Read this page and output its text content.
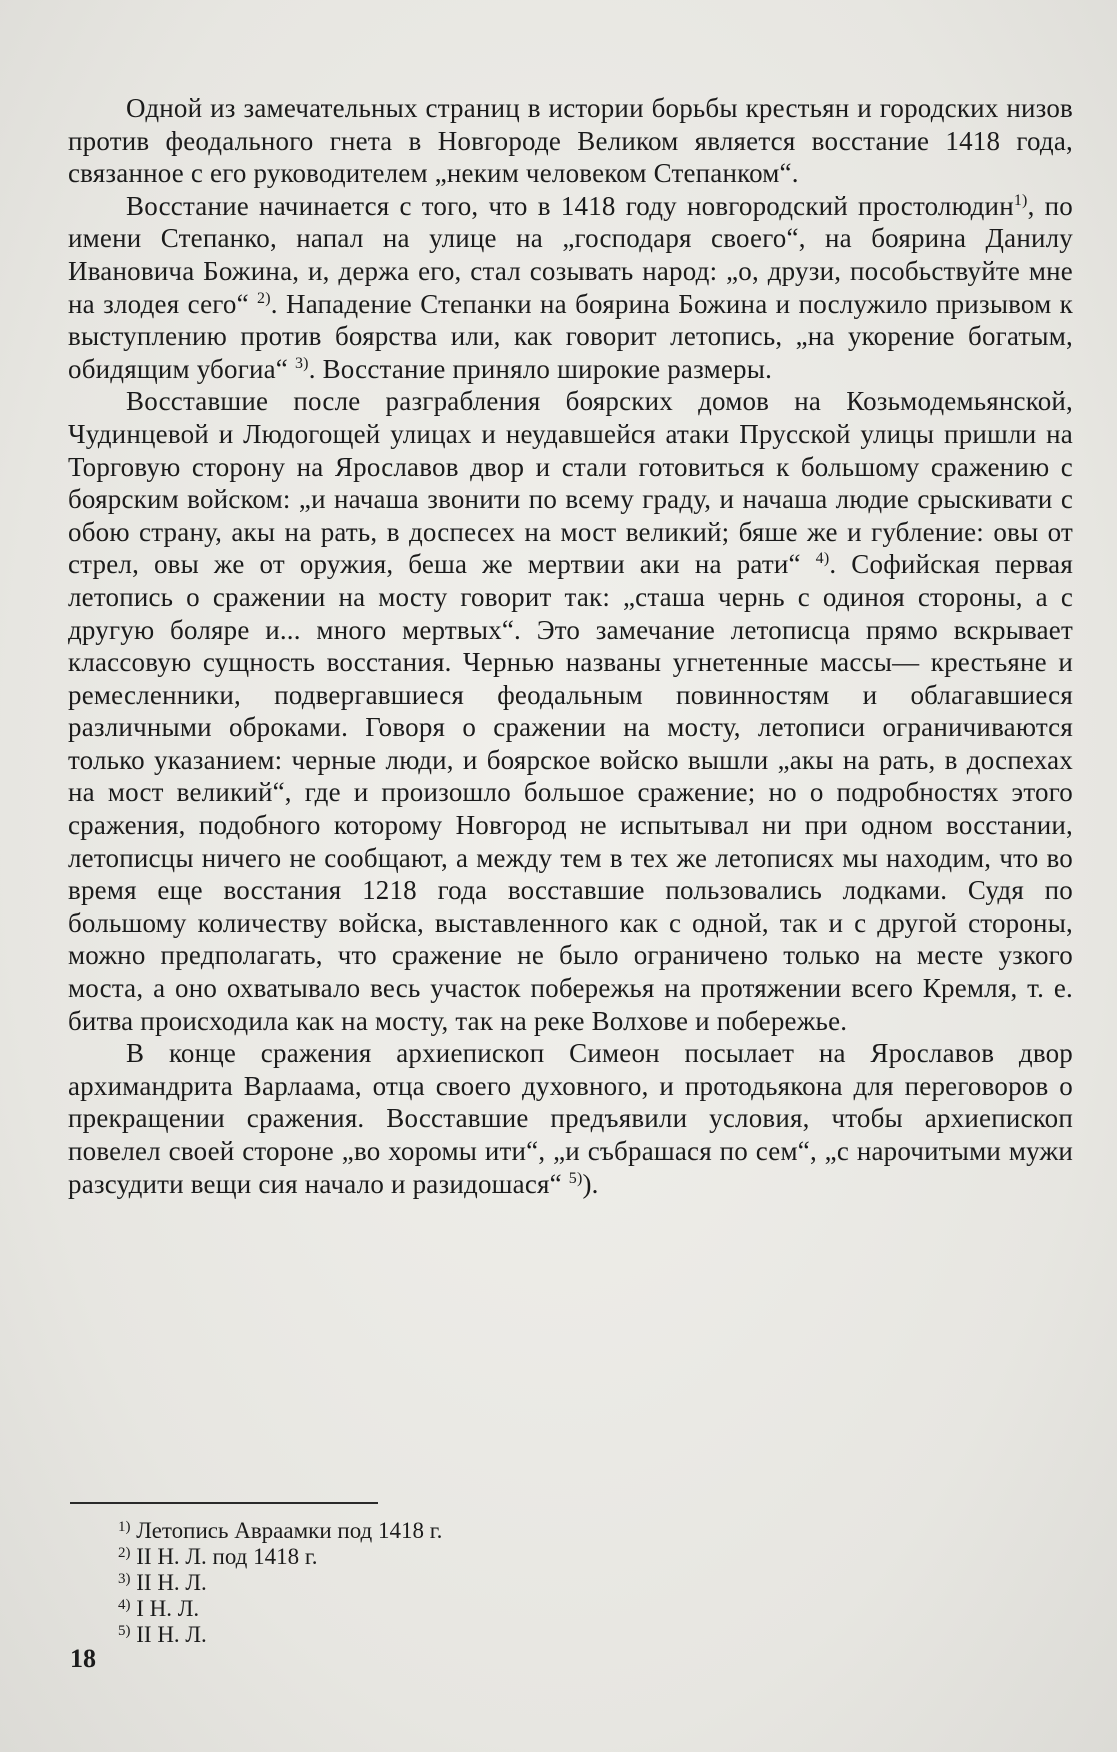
Одной из замечательных страниц в истории борьбы крестьян и городских низов против феодального гнета в Новгороде Великом является восстание 1418 года, связанное с его руководителем „неким человеком Степанком“.

Восстание начинается с того, что в 1418 году новгородский простолюдин$^{1)}$, по имени Степанко, напал на улице на „господаря своего“, на боярина Данилу Ивановича Божина, и, держа его, стал созывать народ: „о, друзи, пособьствуйте мне на злодея сего“ $^{2)}$. Нападение Степанки на боярина Божина и послужило призывом к выступлению против боярства или, как говорит летопись, „на укорение богатым, обидящим убогиа“ $^{3)}$. Восстание приняло широкие размеры.

Восставшие после разграбления боярских домов на Козьмодемьянской, Чудинцевой и Людогощей улицах и неудавшейся атаки Прусской улицы пришли на Торговую сторону на Ярославов двор и стали готовиться к большому сражению с боярским войском: „и начаша звонити по всему граду, и начаша людие срыскивати с обою страну, акы на рать, в доспесех на мост великий; бяше же и губление: овы от стрел, овы же от оружия, беша же мертвии аки на рати“ $^{4)}$. Софийская первая летопись о сражении на мосту говорит так: „сташа чернь с одиноя стороны, а с другую боляре и... много мертвых“. Это замечание летописца прямо вскрывает классовую сущность восстания. Чернью названы угнетенные массы— крестьяне и ремесленники, подвергавшиеся феодальным повинностям и облагавшиеся различными оброками. Говоря о сражении на мосту, летописи ограничиваются только указанием: черные люди, и боярское войско вышли „акы на рать, в доспехах на мост великий“, где и произошло большое сражение; но о подробностях этого сражения, подобного которому Новгород не испытывал ни при одном восстании, летописцы ничего не сообщают, а между тем в тех же летописях мы находим, что во время еще восстания 1218 года восставшие пользовались лодками. Судя по большому количеству войска, выставленного как с одной, так и с другой стороны, можно предполагать, что сражение не было ограничено только на месте узкого моста, а оно охватывало весь участок побережья на протяжении всего Кремля, т. е. битва происходила как на мосту, так на реке Волхове и побережье.

В конце сражения архиепископ Симеон посылает на Ярославов двор архимандрита Варлаама, отца своего духовного, и протодьякона для переговоров о прекращении сражения. Восставшие предъявили условия, чтобы архиепископ повелел своей стороне „во хоромы ити“, „и събрашася по сем“, „с нарочитыми мужи разсудити вещи сия начало и разидошася“ $^{5)}$).

$^{1)}$ Летопись Авраамки под 1418 г.
$^{2)}$ II Н. Л. под 1418 г.
$^{3)}$ II Н. Л.
$^{4)}$ I Н. Л.
$^{5)}$ II Н. Л.
18
